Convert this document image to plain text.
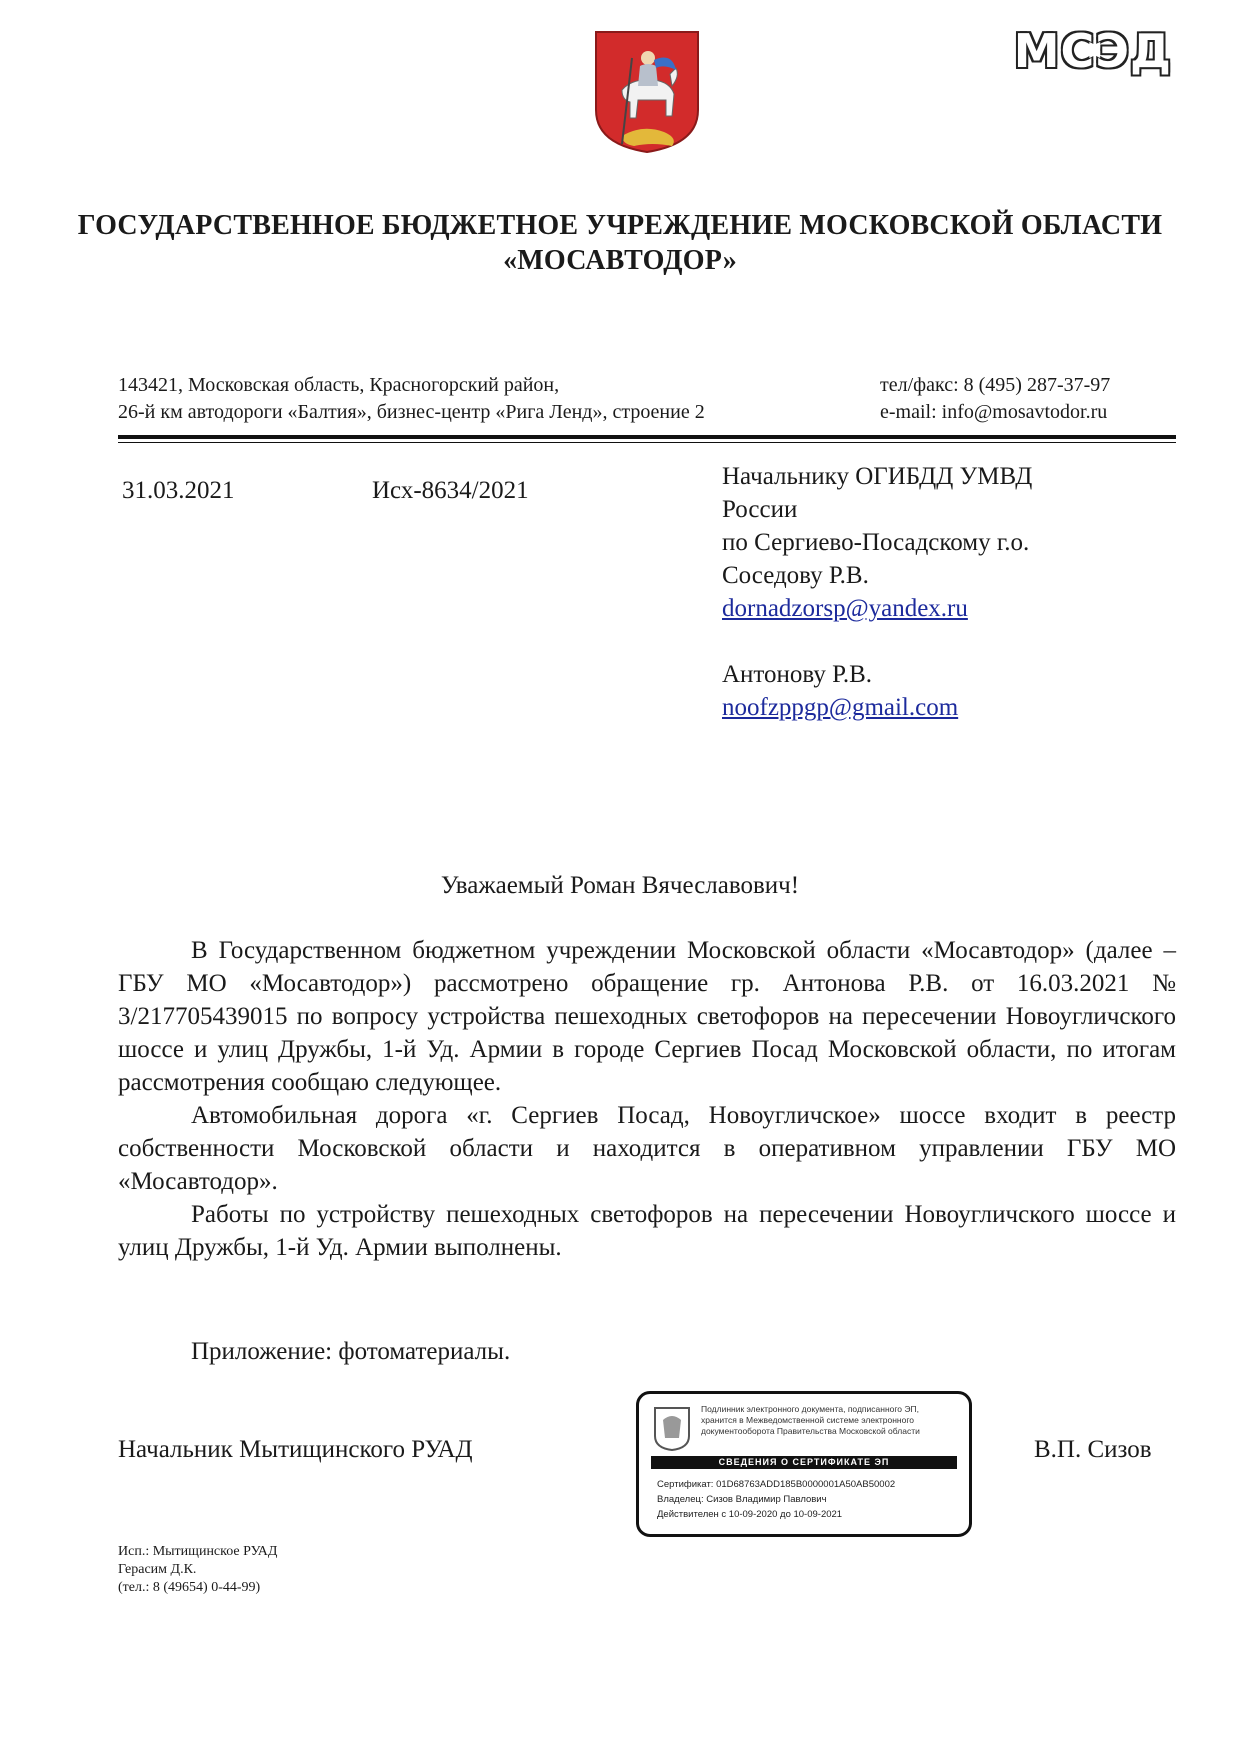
МСЭД
ГОСУДАРСТВЕННОЕ БЮДЖЕТНОЕ УЧРЕЖДЕНИЕ МОСКОВСКОЙ ОБЛАСТИ
«МОСАВТОДОР»
143421, Московская область, Красногорский район,
26-й км автодороги «Балтия», бизнес-центр «Рига Ленд», строение 2
тел/факс: 8 (495) 287-37-97
e-mail: info@mosavtodor.ru
31.03.2021	Исх-8634/2021
Начальнику ОГИБДД УМВД
России
по Сергиево-Посадскому г.о.
Соседову Р.В.
dornadzorsp@yandex.ru
Антонову Р.В.
noofzppgp@gmail.com
Уважаемый Роман Вячеславович!

В Государственном бюджетном учреждении Московской области «Мосавтодор» (далее – ГБУ МО «Мосавтодор») рассмотрено обращение гр. Антонова Р.В. от 16.03.2021 № 3/217705439015 по вопросу устройства пешеходных светофоров на пересечении Новоугличского шоссе и улиц Дружбы, 1-й Уд. Армии в городе Сергиев Посад Московской области, по итогам рассмотрения сообщаю следующее.

Автомобильная дорога «г. Сергиев Посад, Новоугличское» шоссе входит в реестр собственности Московской области и находится в оперативном управлении ГБУ МО «Мосавтодор».

Работы по устройству пешеходных светофоров на пересечении Новоугличского шоссе и улиц Дружбы, 1-й Уд. Армии выполнены.

Приложение: фотоматериалы.
Начальник Мытищинского РУАД	В.П. Сизов
Подлинник электронного документа, подписанного ЭП,
хранится в Межведомственной системе электронного
документооборота Правительства Московской области
СВЕДЕНИЯ О СЕРТИФИКАТЕ ЭП
Сертификат: 01D68763ADD185B0000001A50AB50002
Владелец: Сизов Владимир Павлович
Действителен с 10-09-2020 до 10-09-2021
Исп.: Мытищинское РУАД
Герасим Д.К.
(тел.: 8 (49654) 0-44-99)
